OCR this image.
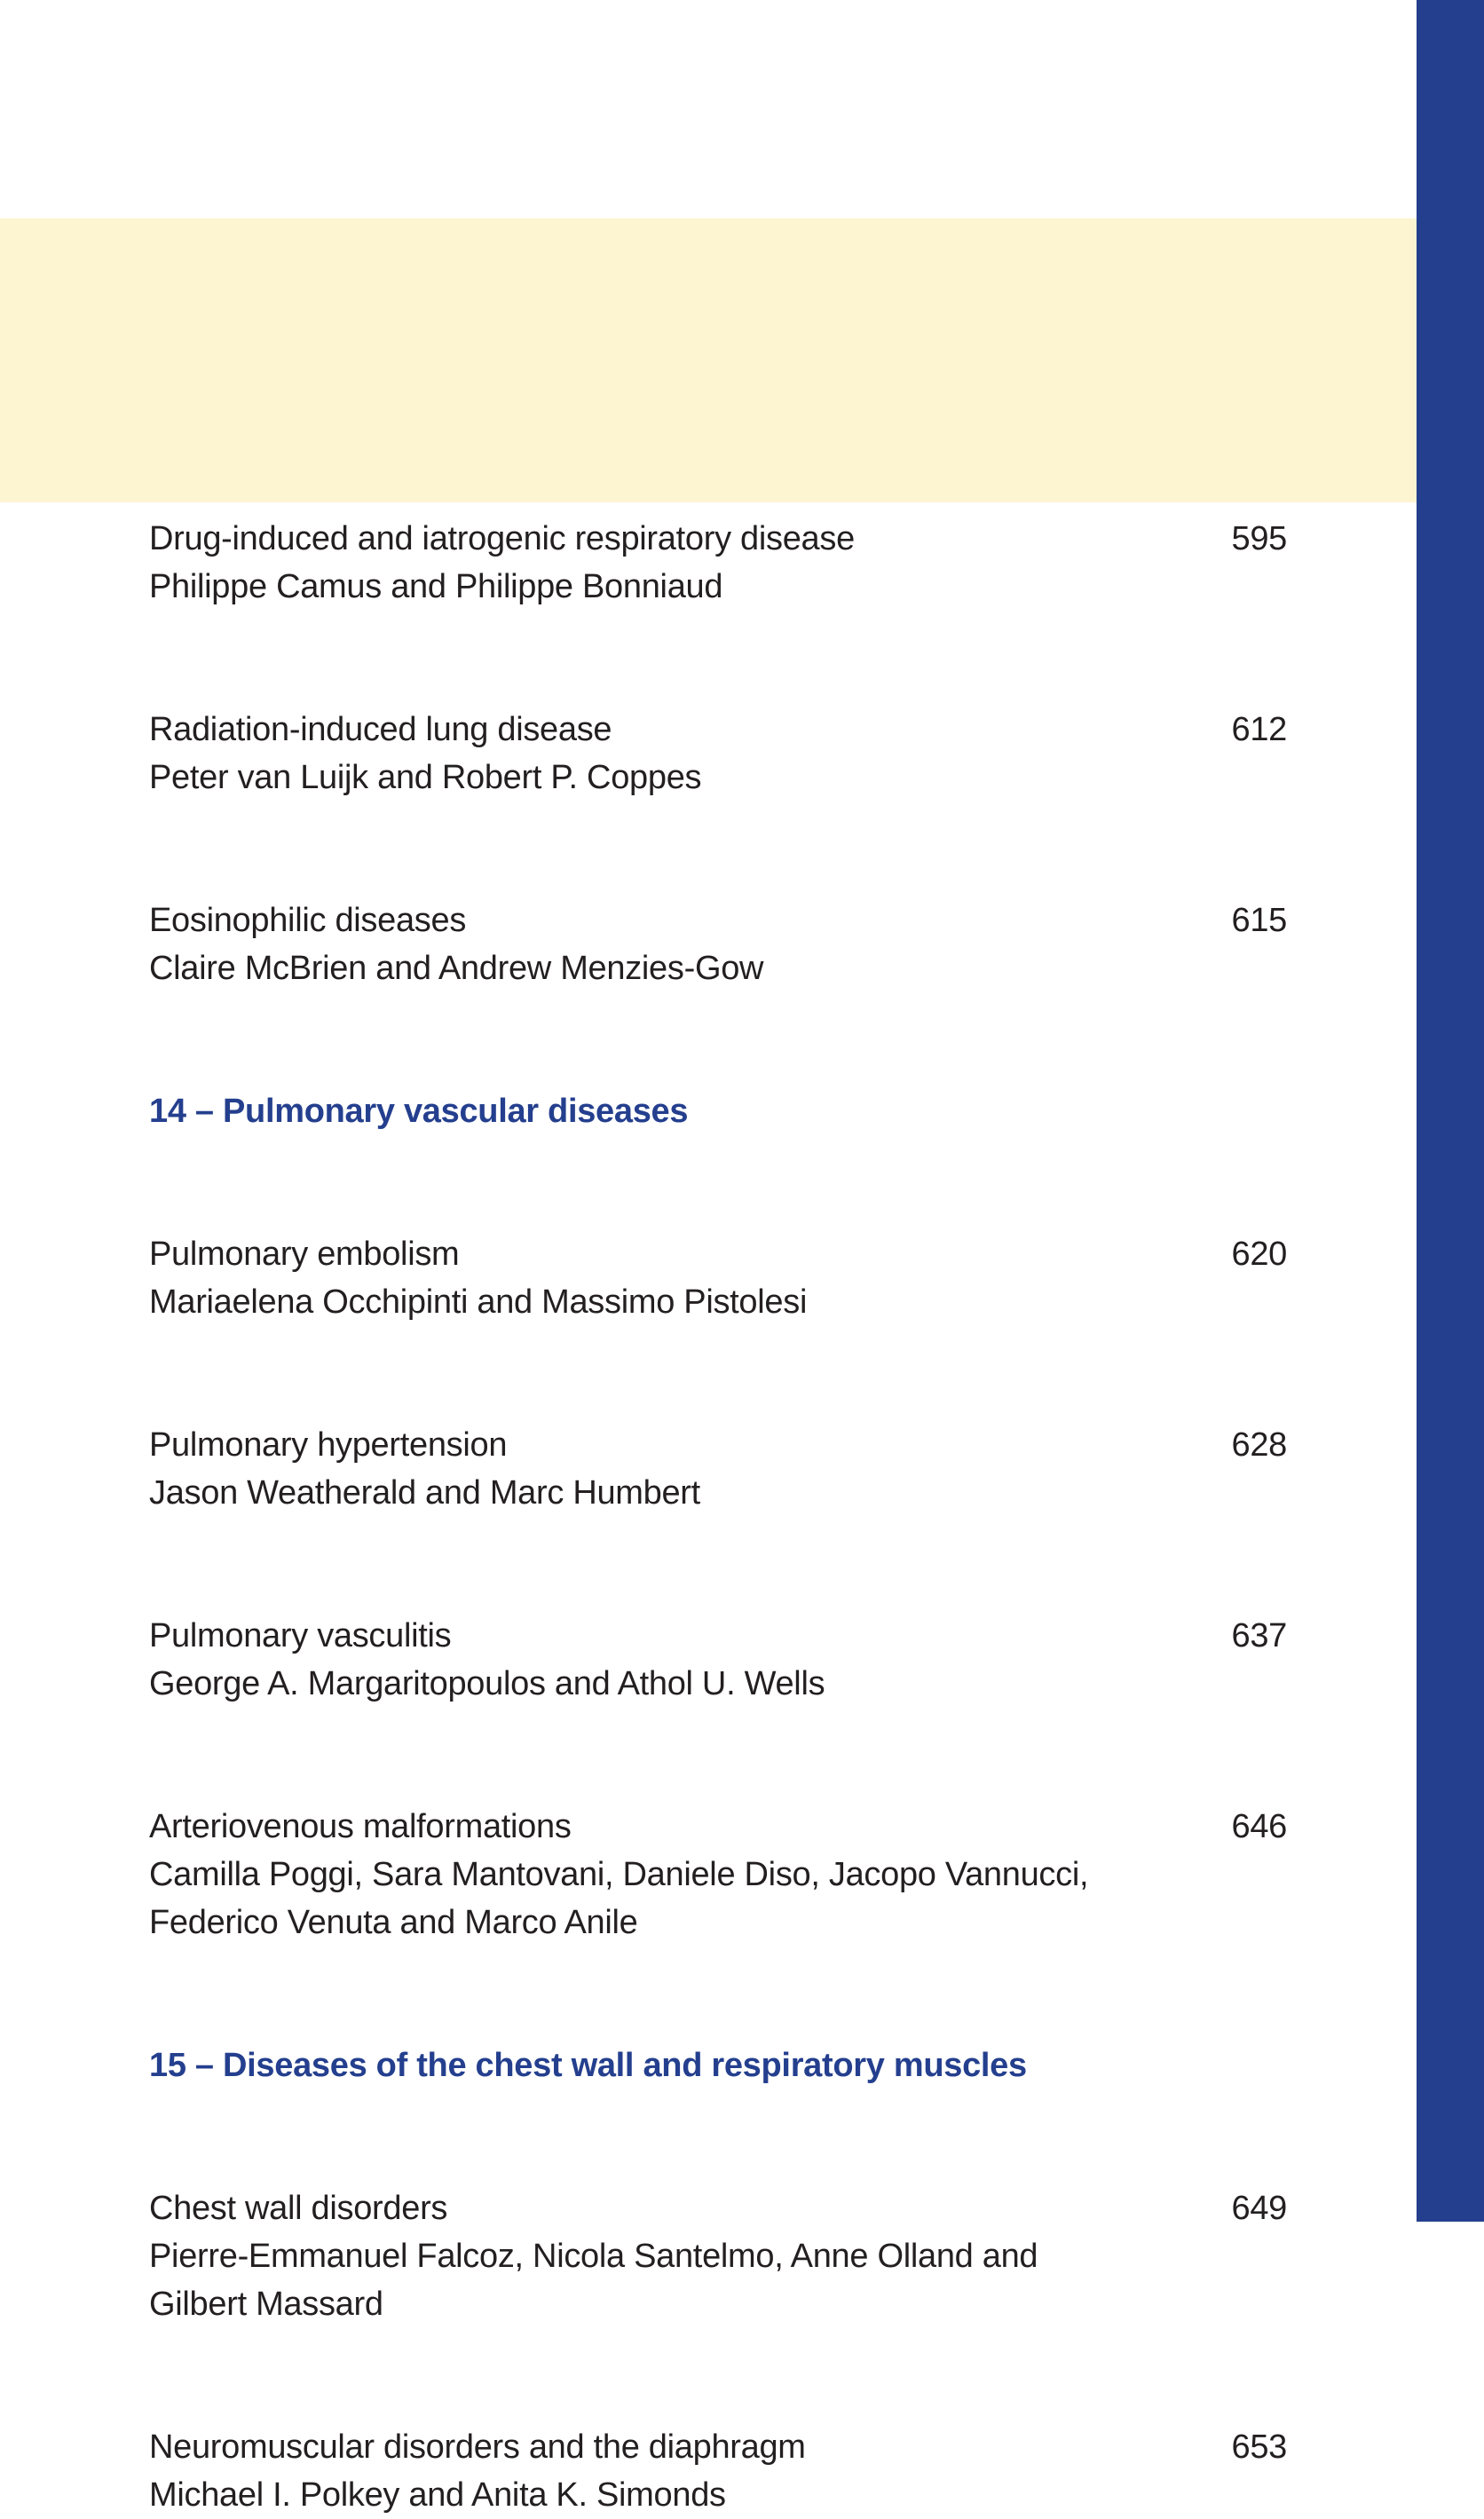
Drug-induced and iatrogenic respiratory disease	595
Philippe Camus and Philippe Bonniaud
Radiation-induced lung disease	612
Peter van Luijk and Robert P. Coppes
Eosinophilic diseases	615
Claire McBrien and Andrew Menzies-Gow
14 – Pulmonary vascular diseases
Pulmonary embolism	620
Mariaelena Occhipinti and Massimo Pistolesi
Pulmonary hypertension	628
Jason Weatherald and Marc Humbert
Pulmonary vasculitis	637
George A. Margaritopoulos and Athol U. Wells
Arteriovenous malformations	646
Camilla Poggi, Sara Mantovani, Daniele Diso, Jacopo Vannucci,
Federico Venuta and Marco Anile
15 – Diseases of the chest wall and respiratory muscles
Chest wall disorders	649
Pierre-Emmanuel Falcoz, Nicola Santelmo, Anne Olland and
Gilbert Massard
Neuromuscular disorders and the diaphragm	653
Michael I. Polkey and Anita K. Simonds
